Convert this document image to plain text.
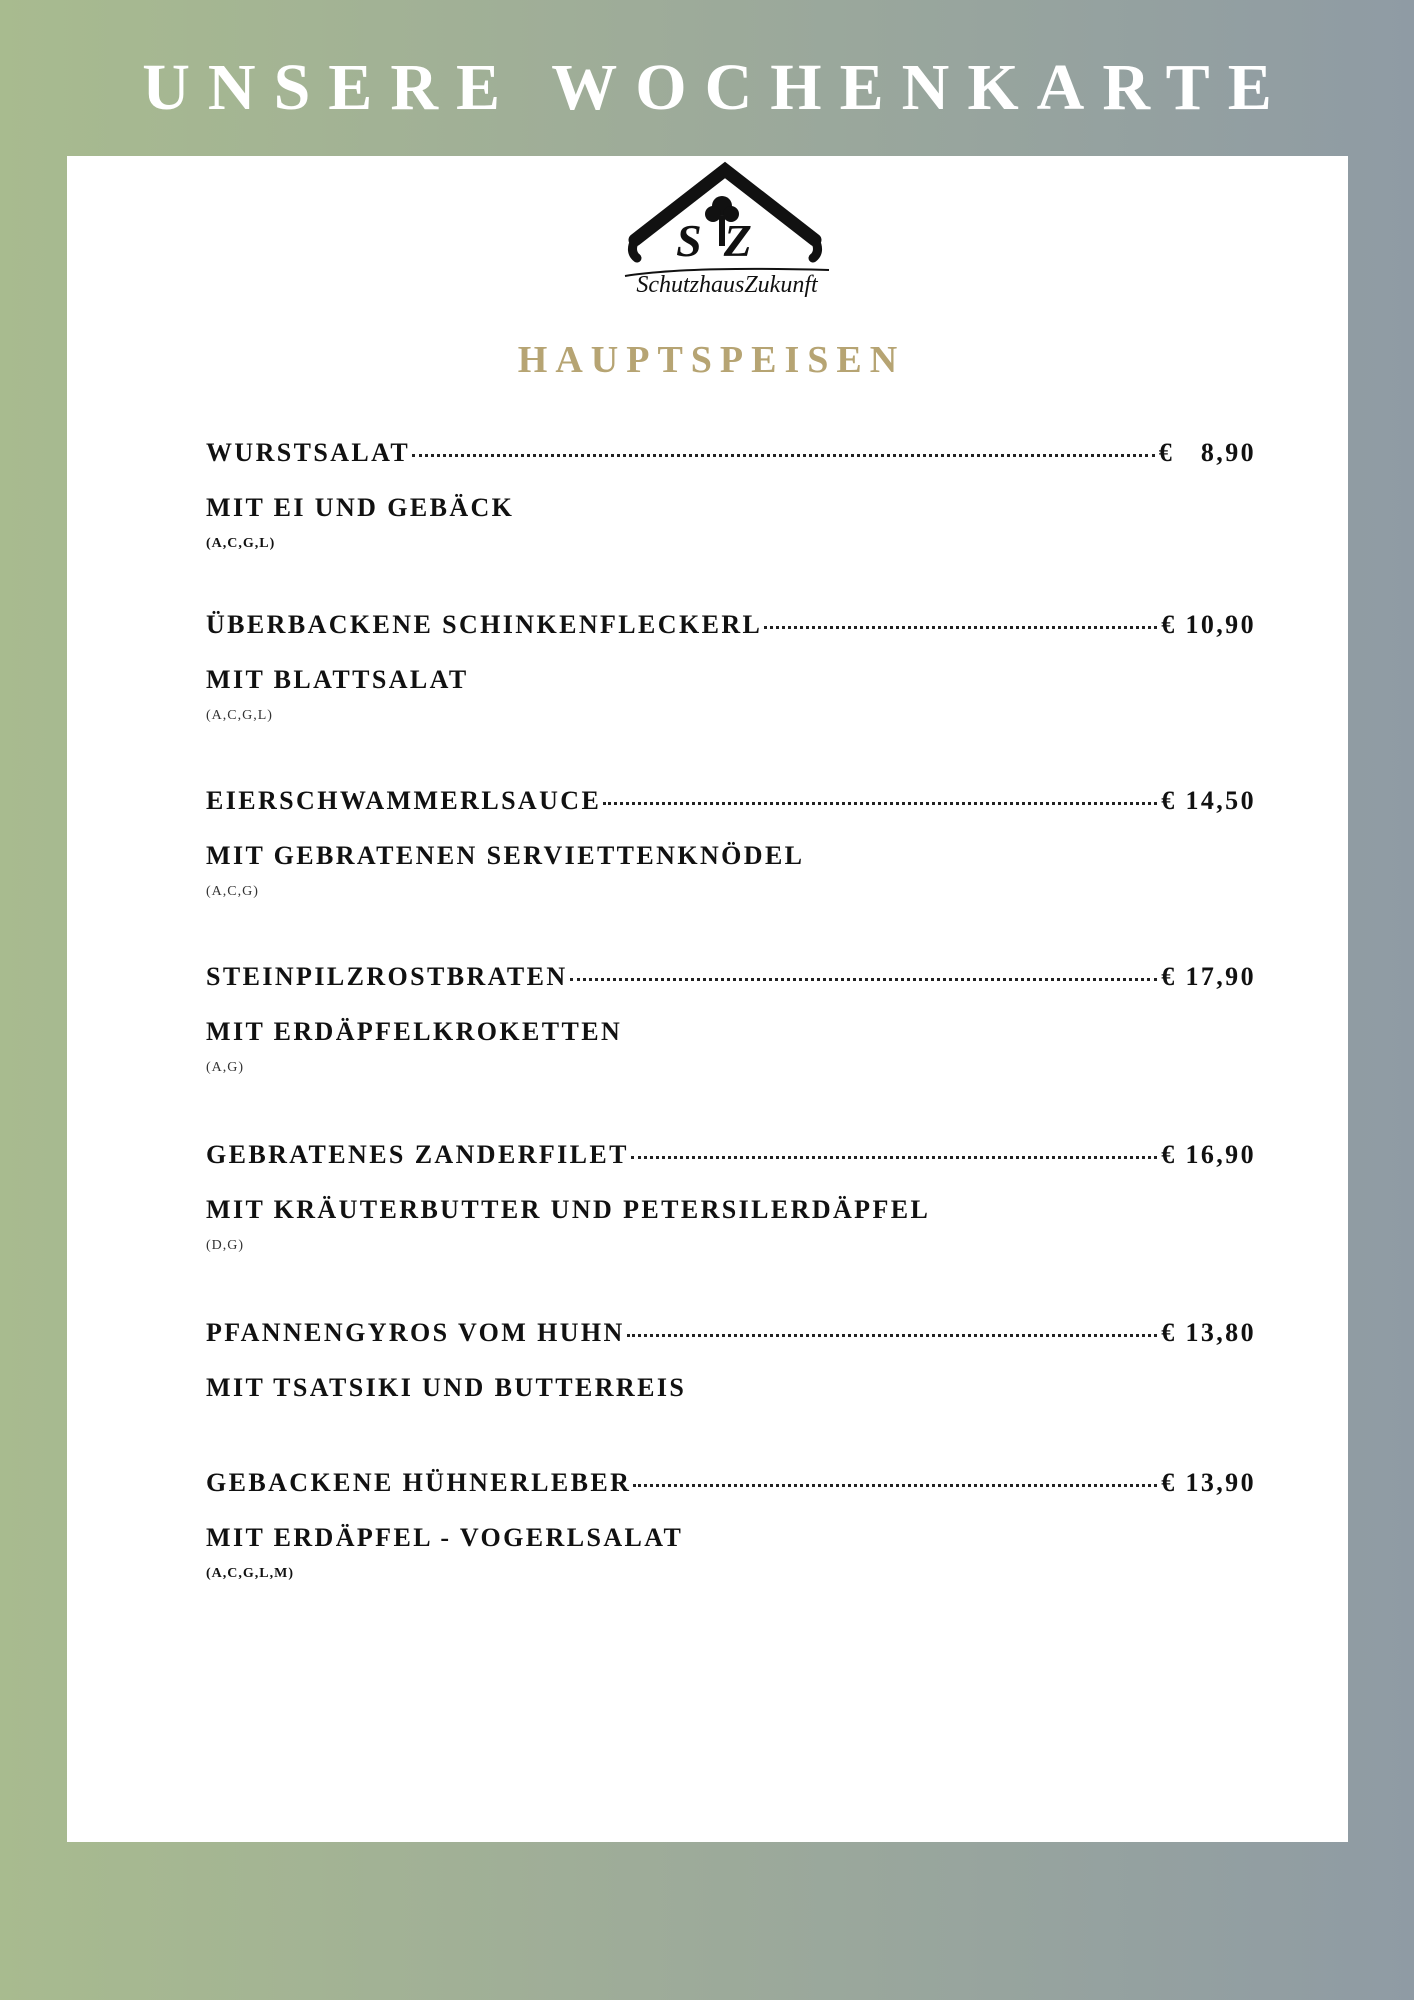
UNSERE WOCHENKARTE
SZ
SchutzhausZukunft
HAUPTSPEISEN
WURSTSALAT	€   8,90
MIT EI UND GEBÄCK
(A,C,G,L)
ÜBERBACKENE SCHINKENFLECKERL	€ 10,90
MIT BLATTSALAT
(A,C,G,L)
EIERSCHWAMMERLSAUCE	€ 14,50
MIT GEBRATENEN SERVIETTENKNÖDEL
(A,C,G)
STEINPILZROSTBRATEN	€ 17,90
MIT ERDÄPFELKROKETTEN
(A,G)
GEBRATENES ZANDERFILET	€ 16,90
MIT KRÄUTERBUTTER UND PETERSILERDÄPFEL
(D,G)
PFANNENGYROS VOM HUHN	€ 13,80
MIT TSATSIKI UND BUTTERREIS
GEBACKENE HÜHNERLEBER	€ 13,90
MIT ERDÄPFEL - VOGERLSALAT
(A,C,G,L,M)
